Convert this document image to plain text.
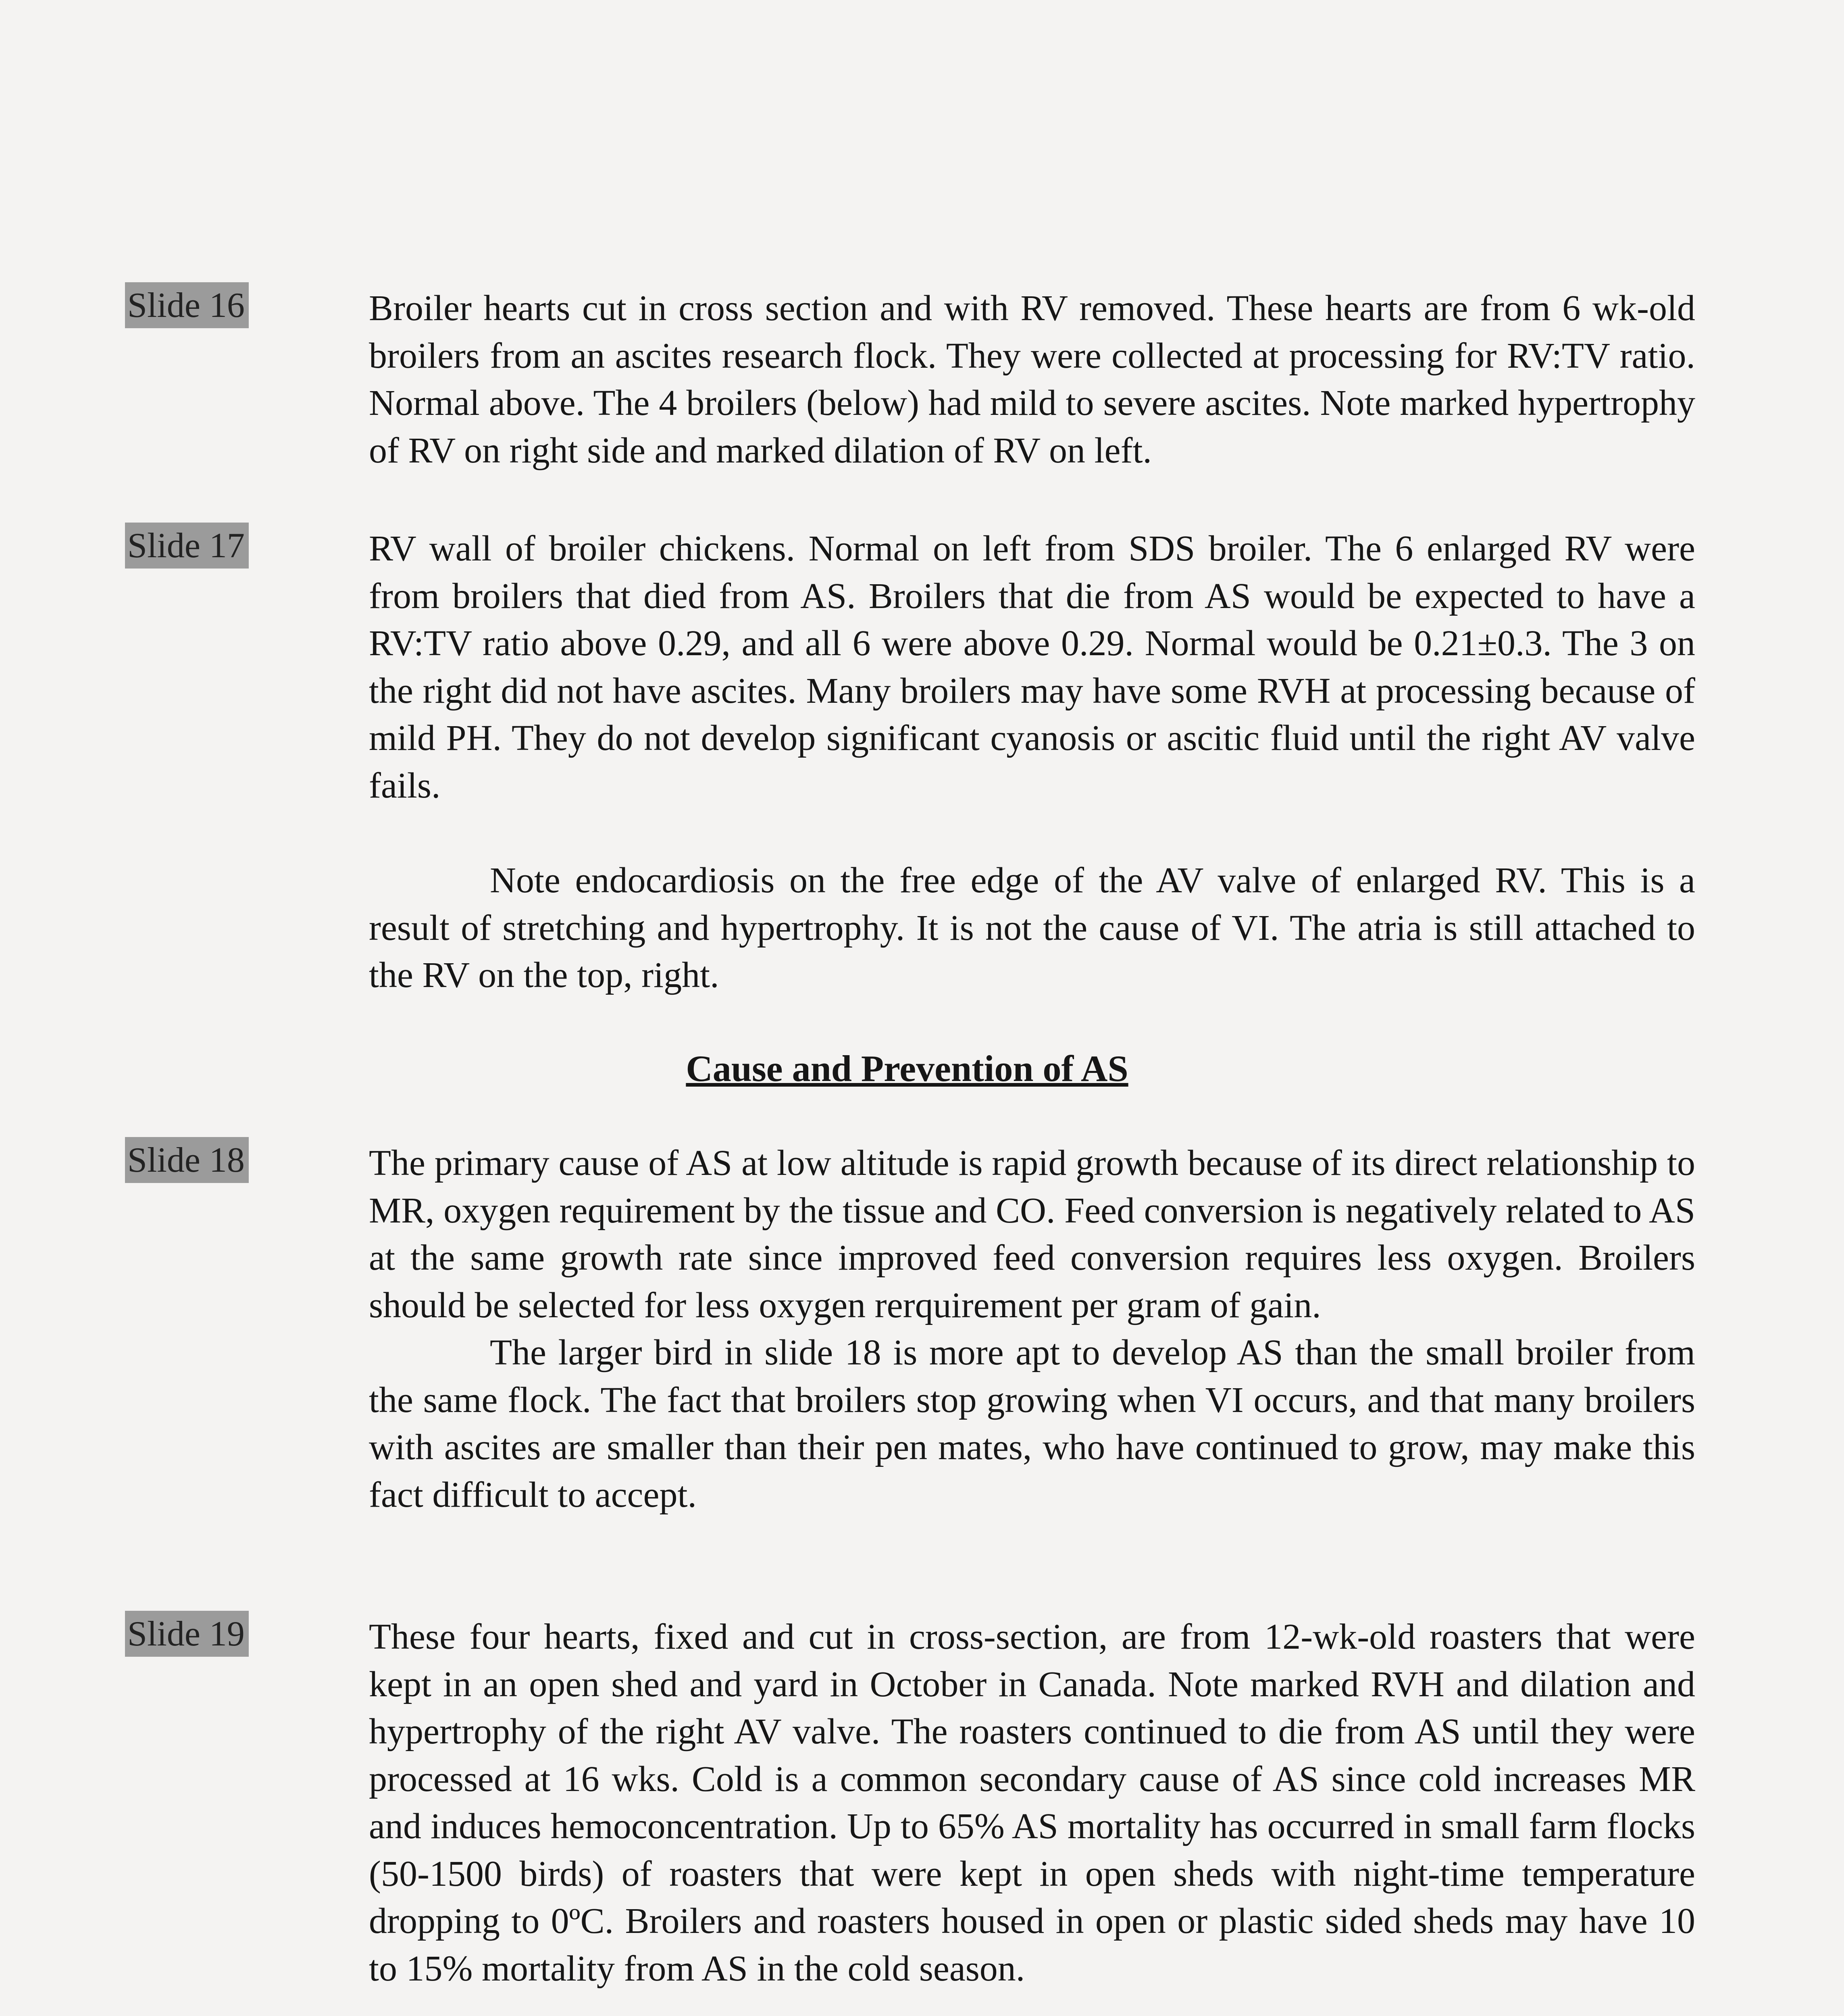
Slide 16	Broiler hearts cut in cross section and with RV removed. These hearts are from 6 wk-old broilers from an ascites research flock. They were collected at processing for RV:TV ratio. Normal above. The 4 broilers (below) had mild to severe ascites. Note marked hypertrophy of RV on right side and marked dilation of RV on left.

Slide 17	RV wall of broiler chickens. Normal on left from SDS broiler. The 6 enlarged RV were from broilers that died from AS. Broilers that die from AS would be expected to have a RV:TV ratio above 0.29, and all 6 were above 0.29. Normal would be 0.21±0.3. The 3 on the right did not have ascites. Many broilers may have some RVH at processing because of mild PH. They do not develop significant cyanosis or ascitic fluid until the right AV valve fails.

Note endocardiosis on the free edge of the AV valve of enlarged RV. This is a result of stretching and hypertrophy. It is not the cause of VI. The atria is still attached to the RV on the top, right.

Cause and Prevention of AS
Slide 18	The primary cause of AS at low altitude is rapid growth because of its direct relationship to MR, oxygen requirement by the tissue and CO. Feed conversion is negatively related to AS at the same growth rate since improved feed conversion requires less oxygen. Broilers should be selected for less oxygen rerquirement per gram of gain.

The larger bird in slide 18 is more apt to develop AS than the small broiler from the same flock. The fact that broilers stop growing when VI occurs, and that many broilers with ascites are smaller than their pen mates, who have continued to grow, may make this fact difficult to accept.

Slide 19	These four hearts, fixed and cut in cross-section, are from 12-wk-old roasters that were kept in an open shed and yard in October in Canada. Note marked RVH and dilation and hypertrophy of the right AV valve. The roasters continued to die from AS until they were processed at 16 wks. Cold is a common secondary cause of AS since cold increases MR and induces hemoconcentration. Up to 65% AS mortality has occurred in small farm flocks (50-1500 birds) of roasters that were kept in open sheds with night-time temperature dropping to 0ºC. Broilers and roasters housed in open or plastic sided sheds may have 10 to 15% mortality from AS in the cold season.
